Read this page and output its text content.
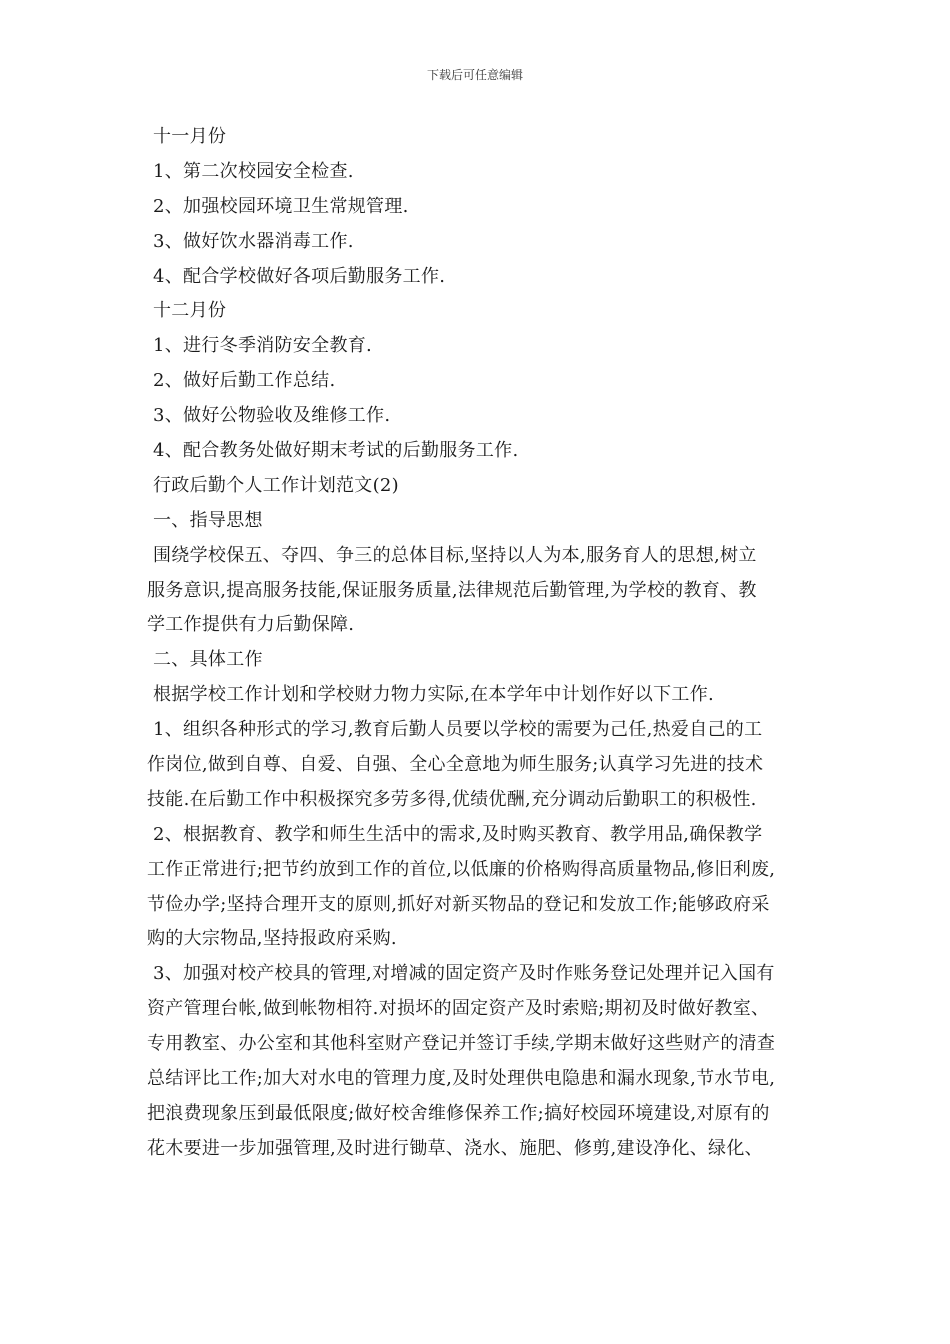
下载后可任意编辑
十一月份
1、第二次校园安全检查.
2、加强校园环境卫生常规管理.
3、做好饮水器消毒工作.
4、配合学校做好各项后勤服务工作.
十二月份
1、进行冬季消防安全教育.
2、做好后勤工作总结.
3、做好公物验收及维修工作.
4、配合教务处做好期末考试的后勤服务工作.
行政后勤个人工作计划范文(2)
一、指导思想
围绕学校保五、夺四、争三的总体目标,坚持以人为本,服务育人的思想,树立
服务意识,提高服务技能,保证服务质量,法律规范后勤管理,为学校的教育、教
学工作提供有力后勤保障.
二、具体工作
根据学校工作计划和学校财力物力实际,在本学年中计划作好以下工作.
1、组织各种形式的学习,教育后勤人员要以学校的需要为己任,热爱自己的工
作岗位,做到自尊、自爱、自强、全心全意地为师生服务;认真学习先进的技术
技能.在后勤工作中积极探究多劳多得,优绩优酬,充分调动后勤职工的积极性.
2、根据教育、教学和师生生活中的需求,及时购买教育、教学用品,确保教学
工作正常进行;把节约放到工作的首位,以低廉的价格购得高质量物品,修旧利废,
节俭办学;坚持合理开支的原则,抓好对新买物品的登记和发放工作;能够政府采
购的大宗物品,坚持报政府采购.
3、加强对校产校具的管理,对增减的固定资产及时作账务登记处理并记入国有
资产管理台帐,做到帐物相符.对损坏的固定资产及时索赔;期初及时做好教室、
专用教室、办公室和其他科室财产登记并签订手续,学期末做好这些财产的清查
总结评比工作;加大对水电的管理力度,及时处理供电隐患和漏水现象,节水节电,
把浪费现象压到最低限度;做好校舍维修保养工作;搞好校园环境建设,对原有的
花木要进一步加强管理,及时进行锄草、浇水、施肥、修剪,建设净化、绿化、
